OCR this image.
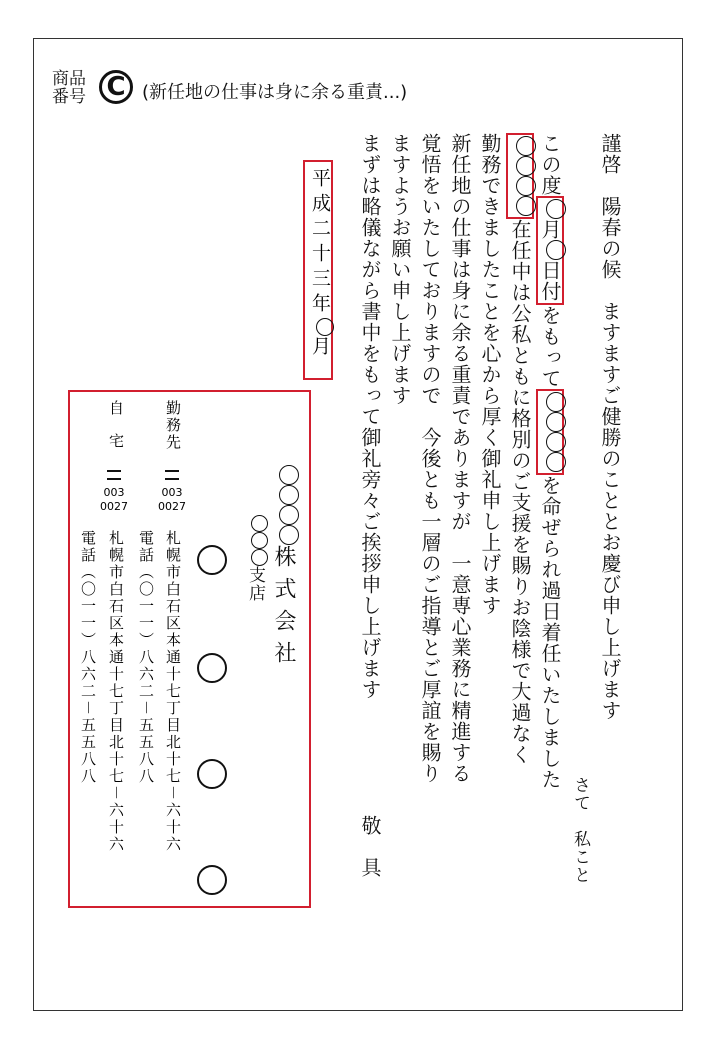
商品番号 C (新任地の仕事は身に余る重責...)
謹啓　陽春の候　ますますご健勝のこととお慶び申し上げます
さて　私こと
この度月日付をもってを命ぜられ過日着任いたしました
在任中は公私ともに格別のご支援を賜りお陰様で大過なく
勤務できましたことを心から厚く御礼申し上げます
新任地の仕事は身に余る重責でありますが　一意専心業務に精進する
覚悟をいたしておりますので　今後とも一層のご指導とご厚誼を賜り
ますようお願い申し上げます
まずは略儀ながら書中をもって御礼旁々ご挨拶申し上げます
敬　具
平成二十三年月
株式会社
支店
勤務先

003
0027
札幌市白石区本通十七丁目北十七－六十六
電話（〇一一）八六二－五五八八
自宅

003
0027
札幌市白石区本通十七丁目北十七－六十六
電話（〇一一）八六二－五五八八
